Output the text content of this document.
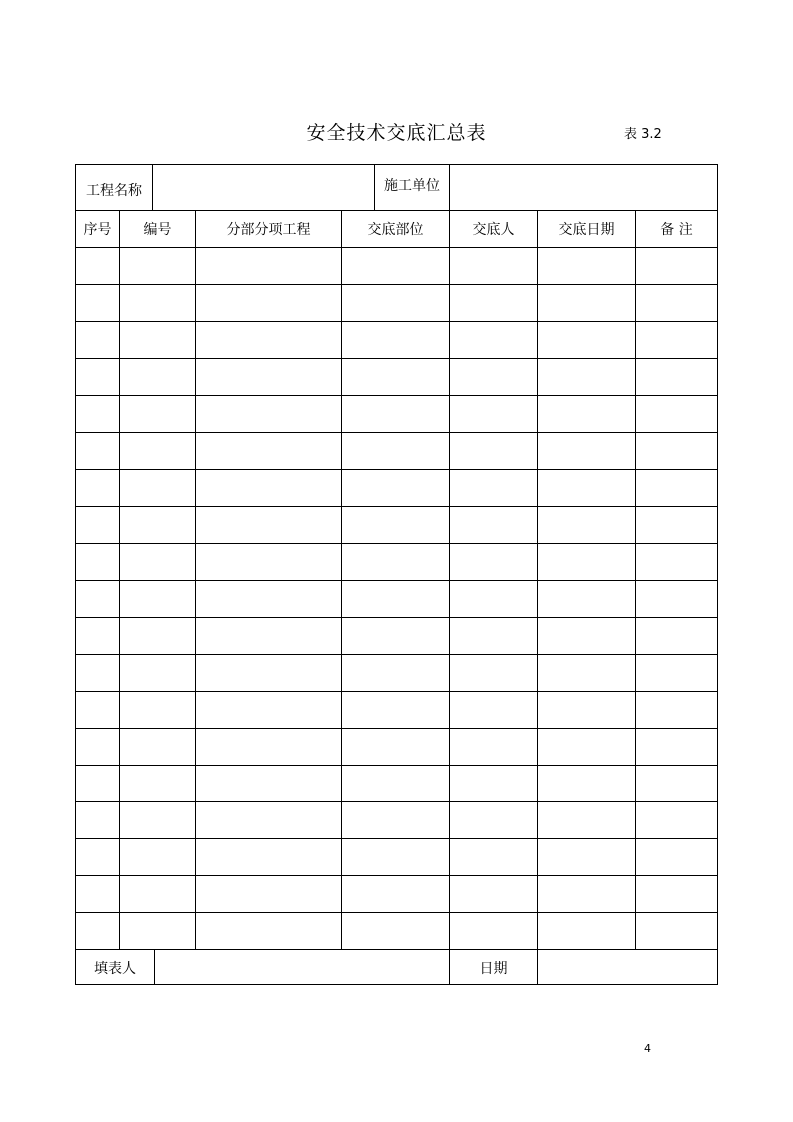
安全技术交底汇总表	表 3.2
工程名称	施工单位
序号	编号	分部分项工程	交底部位	交底人	交底日期	备 注
填表人	日期
4
